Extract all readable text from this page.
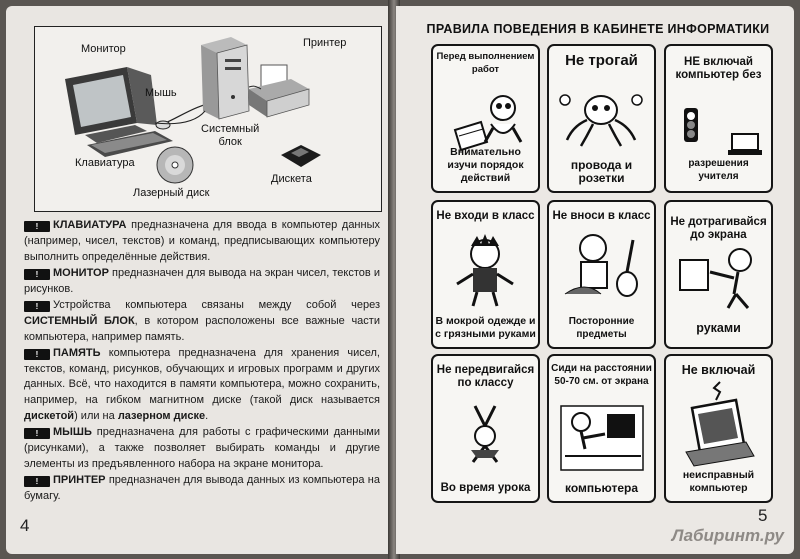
Монитор	Принтер
Мышь
Системный
блок
Клавиатура
Лазерный диск
Дискета

! КЛАВИАТУРА предназначена для ввода в компьютер данных (например, чисел, текстов) и команд, предписывающих компьютеру выполнить определённые действия.

! МОНИТОР предназначен для вывода на экран чисел, текстов и рисунков.

! Устройства компьютера связаны между собой через СИСТЕМНЫЙ БЛОК, в котором расположены все важные части компьютера, например память.

! ПАМЯТЬ компьютера предназначена для хранения чисел, текстов, команд, рисунков, обучающих и игровых программ и других данных. Всё, что находится в памяти компьютера, можно сохранить, например, на гибком магнитном диске (такой диск называется дискетой) или на лазерном диске.

! МЫШЬ предназначена для работы с графическими данными (рисунками), а также позволяет выбирать команды и другие элементы из предъявленного набора на экране монитора.

! ПРИНТЕР предназначен для вывода данных из компьютера на бумагу.

4
ПРАВИЛА ПОВЕДЕНИЯ В КАБИНЕТЕ ИНФОРМАТИКИ
Перед выполнением работ
Внимательно изучи порядок действий
Не трогай
провода и розетки
НЕ включай компьютер без
разрешения учителя
Не входи в класс
В мокрой одежде и с грязными руками
Не вноси в класс
Посторонние предметы
Не дотрагивайся до экрана
руками
Не передвигайся по классу
Во время урока
Сиди на расстоянии 50-70 см. от экрана
компьютера
Не включай
неисправный компьютер
5
Лабиринт.ру
